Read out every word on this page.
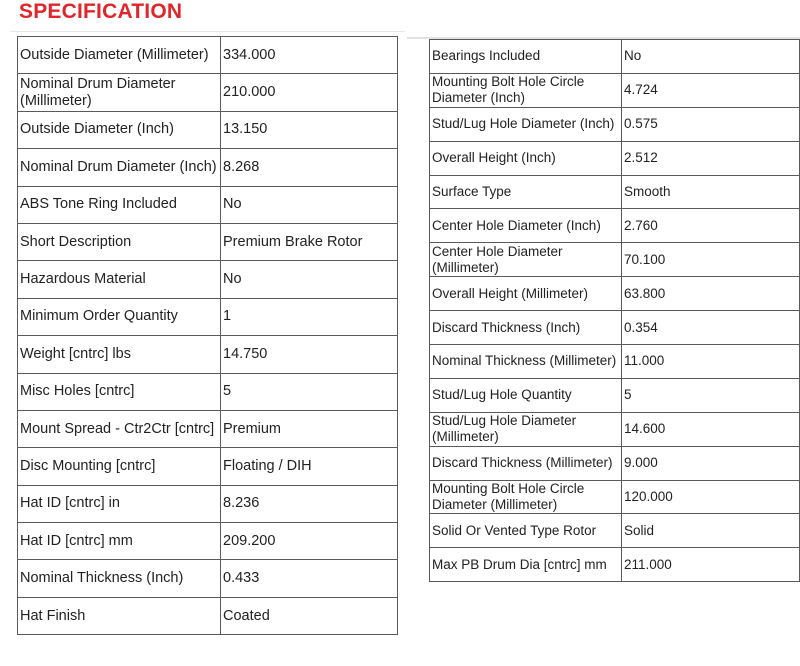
SPECIFICATION
Outside Diameter (Millimeter)	334.000
Nominal Drum Diameter (Millimeter)	210.000
Outside Diameter (Inch)	13.150
Nominal Drum Diameter (Inch)	8.268
ABS Tone Ring Included	No
Short Description	Premium Brake Rotor
Hazardous Material	No
Minimum Order Quantity	1
Weight [cntrc] lbs	14.750
Misc Holes [cntrc]	5
Mount Spread - Ctr2Ctr [cntrc]	Premium
Disc Mounting [cntrc]	Floating / DIH
Hat ID [cntrc] in	8.236
Hat ID [cntrc] mm	209.200
Nominal Thickness (Inch)	0.433
Hat Finish	Coated
Bearings Included	No
Mounting Bolt Hole Circle Diameter (Inch)	4.724
Stud/Lug Hole Diameter (Inch)	0.575
Overall Height (Inch)	2.512
Surface Type	Smooth
Center Hole Diameter (Inch)	2.760
Center Hole Diameter (Millimeter)	70.100
Overall Height (Millimeter)	63.800
Discard Thickness (Inch)	0.354
Nominal Thickness (Millimeter)	11.000
Stud/Lug Hole Quantity	5
Stud/Lug Hole Diameter (Millimeter)	14.600
Discard Thickness (Millimeter)	9.000
Mounting Bolt Hole Circle Diameter (Millimeter)	120.000
Solid Or Vented Type Rotor	Solid
Max PB Drum Dia [cntrc] mm	211.000
